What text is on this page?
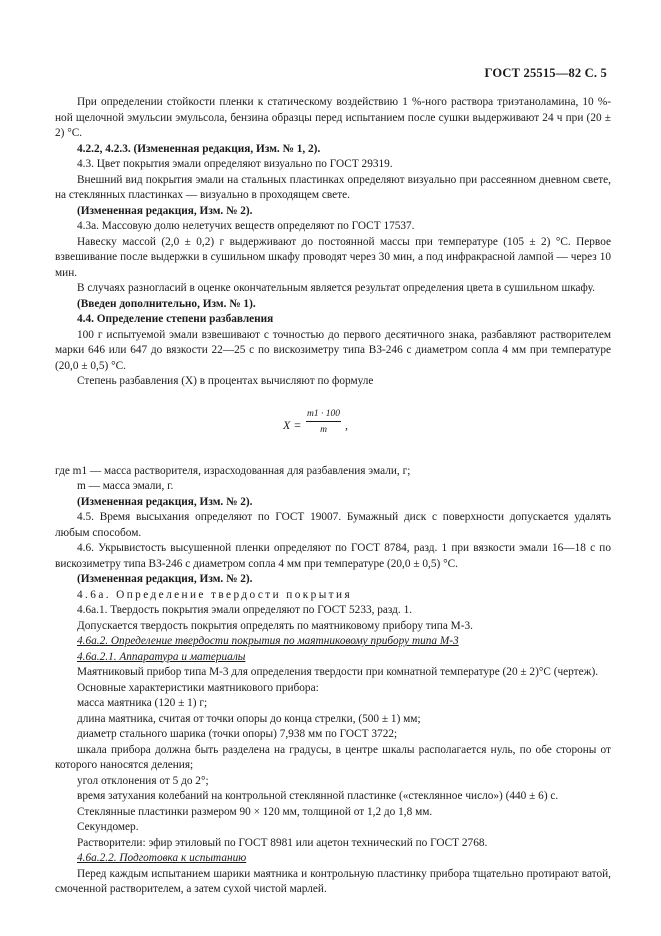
ГОСТ 25515—82 С. 5

При определении стойкости пленки к статическому воздействию 1 %-ного раствора триэтаноламина, 10 %-ной щелочной эмульсии эмульсола, бензина образцы перед испытанием после сушки выдерживают 24 ч при (20 ± 2) °С.

4.2.2, 4.2.3. (Измененная редакция, Изм. № 1, 2).

4.3. Цвет покрытия эмали определяют визуально по ГОСТ 29319.

Внешний вид покрытия эмали на стальных пластинках определяют визуально при рассеянном дневном свете, на стеклянных пластинках — визуально в проходящем свете.

(Измененная редакция, Изм. № 2).

4.3а. Массовую долю нелетучих веществ определяют по ГОСТ 17537.

Навеску массой (2,0 ± 0,2) г выдерживают до постоянной массы при температуре (105 ± 2) °С. Первое взвешивание после выдержки в сушильном шкафу проводят через 30 мин, а под инфракрасной лампой — через 10 мин.

В случаях разногласий в оценке окончательным является результат определения цвета в сушильном шкафу.

(Введен дополнительно, Изм. № 1).

4.4. Определение степени разбавления

100 г испытуемой эмали взвешивают с точностью до первого десятичного знака, разбавляют растворителем марки 646 или 647 до вязкости 22—25 с по вискозиметру типа ВЗ-246 с диаметром сопла 4 мм при температуре (20,0 ± 0,5) °С.

Степень разбавления (X) в процентах вычисляют по формуле

$X = \frac{m1 \cdot 100}{m}$ ,

где m1 — масса растворителя, израсходованная для разбавления эмали, г;

m — масса эмали, г.

(Измененная редакция, Изм. № 2).

4.5. Время высыхания определяют по ГОСТ 19007. Бумажный диск с поверхности допускается удалять любым способом.

4.6. Укрывистость высушенной пленки определяют по ГОСТ 8784, разд. 1 при вязкости эмали 16—18 с по вискозиметру типа ВЗ-246 с диаметром сопла 4 мм при температуре (20,0 ± 0,5) °С.

(Измененная редакция, Изм. № 2).

4.6а. Определение твердости покрытия

4.6а.1. Твердость покрытия эмали определяют по ГОСТ 5233, разд. 1.

Допускается твердость покрытия определять по маятниковому прибору типа М-3.

4.6а.2. Определение твердости покрытия по маятниковому прибору типа М-3

4.6а.2.1. Аппаратура и материалы

Маятниковый прибор типа М-3 для определения твердости при комнатной температуре (20 ± 2)°С (чертеж).

Основные характеристики маятникового прибора:

масса маятника (120 ± 1) г;

длина маятника, считая от точки опоры до конца стрелки, (500 ± 1) мм;

диаметр стального шарика (точки опоры) 7,938 мм по ГОСТ 3722;

шкала прибора должна быть разделена на градусы, в центре шкалы располагается нуль, по обе стороны от которого наносятся деления;

угол отклонения от 5 до 2°;

время затухания колебаний на контрольной стеклянной пластинке («стеклянное число») (440 ± 6) с.

Стеклянные пластинки размером 90 × 120 мм, толщиной от 1,2 до 1,8 мм.

Секундомер.

Растворители: эфир этиловый по ГОСТ 8981 или ацетон технический по ГОСТ 2768.

4.6а.2.2. Подготовка к испытанию

Перед каждым испытанием шарики маятника и контрольную пластинку прибора тщательно протирают ватой, смоченной растворителем, а затем сухой чистой марлей.
